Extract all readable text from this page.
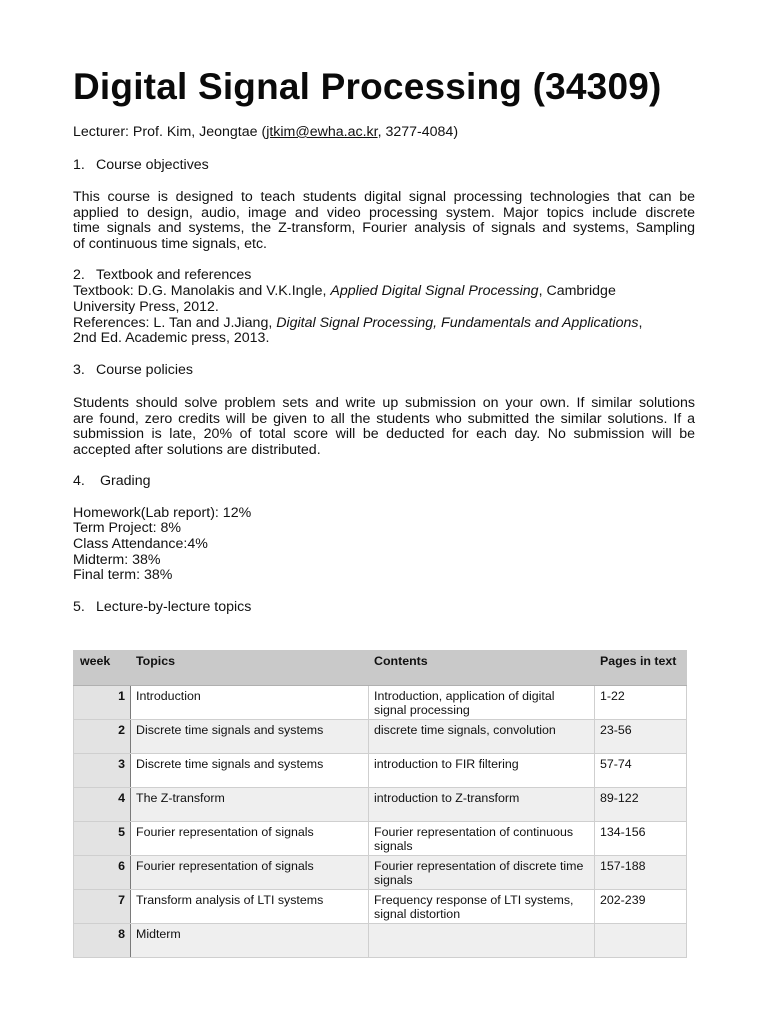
Digital Signal Processing (34309)
Lecturer: Prof. Kim, Jeongtae (jtkim@ewha.ac.kr, 3277-4084)
1. Course objectives
This course is designed to teach students digital signal processing technologies that can be
applied to design, audio, image and video processing system. Major topics include discrete
time signals and systems, the Z-transform, Fourier analysis of signals and systems, Sampling
of continuous time signals, etc.
2. Textbook and references
Textbook: D.G. Manolakis and V.K.Ingle, Applied Digital Signal Processing, Cambridge
University Press, 2012.
References: L. Tan and J.Jiang, Digital Signal Processing, Fundamentals and Applications,
2nd Ed. Academic press, 2013.
3. Course policies
Students should solve problem sets and write up submission on your own. If similar solutions
are found, zero credits will be given to all the students who submitted the similar solutions. If a
submission is late, 20% of total score will be deducted for each day. No submission will be
accepted after solutions are distributed.
4. Grading
Homework(Lab report): 12%
Term Project: 8%
Class Attendance:4%
Midterm: 38%
Final term: 38%
5. Lecture-by-lecture topics
week	Topics	Contents	Pages in text
1	Introduction	Introduction, application of digital signal processing	1-22
2	Discrete time signals and systems	discrete time signals, convolution	23-56
3	Discrete time signals and systems	introduction to FIR filtering	57-74
4	The Z-transform	introduction to Z-transform	89-122
5	Fourier representation of signals	Fourier representation of continuous signals	134-156
6	Fourier representation of signals	Fourier representation of discrete time signals	157-188
7	Transform analysis of LTI systems	Frequency response of LTI systems, signal distortion	202-239
8	Midterm		
